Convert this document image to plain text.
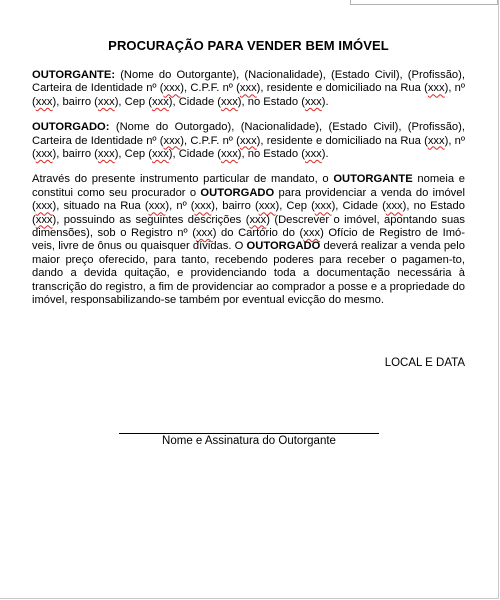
PROCURAÇÃO PARA VENDER BEM IMÓVEL

OUTORGANTE: (Nome do Outorgante), (Nacionalidade), (Estado Civil), (Profissão), Carteira de Identidade nº (xxx), C.P.F. nº (xxx), residente e domiciliado na Rua (xxx), nº (xxx), bairro (xxx), Cep (xxx), Cidade (xxx), no Estado (xxx).

OUTORGADO: (Nome do Outorgado), (Nacionalidade), (Estado Civil), (Profissão), Carteira de Identidade nº (xxx), C.P.F. nº (xxx), residente e domiciliado na Rua (xxx), nº (xxx), bairro (xxx), Cep (xxx), Cidade (xxx), no Estado (xxx).

Através do presente instrumento particular de mandato, o OUTORGANTE nomeia e constitui como seu procurador o OUTORGADO para providenciar a venda do imóvel (xxx), situado na Rua (xxx), nº (xxx), bairro (xxx), Cep (xxx), Cidade (xxx), no Estado (xxx), possuindo as seguintes descrições (xxx) (Descrever o imóvel, apontando suas dimensões), sob o Registro nº (xxx) do Cartório do (xxx) Ofício de Registro de Imó-veis, livre de ônus ou quaisquer dívidas. O OUTORGADO deverá realizar a venda pelo maior preço oferecido, para tanto, recebendo poderes para receber o pagamen-to, dando a devida quitação, e providenciando toda a documentação necessária à transcrição do registro, a fim de providenciar ao comprador a posse e a propriedade do imóvel, responsabilizando-se também por eventual evicção do mesmo.

LOCAL E DATA
Nome e Assinatura do Outorgante
